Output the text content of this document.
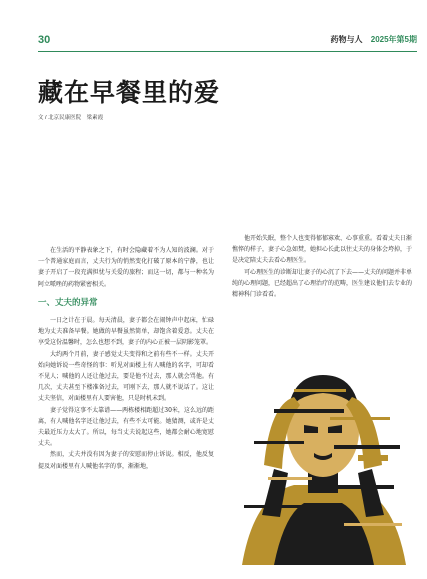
30	药物与人 2025年第5期
藏在早餐里的爱
文 / 北京民康医院　梁素霞

在生活的平静表象之下，有时会隐藏着不为人知的波澜。对于一个普通家庭而言，丈夫行为的悄然变化打破了原本的宁静，也让妻子开启了一段充满担忧与关爱的旅程；而这一切，都与一种名为阿立哌唑的药物紧密相关。

一、丈夫的异常

一日之计在于晨。每天清晨，妻子都会在闹钟声中起床，忙碌地为丈夫准备早餐。她做的早餐虽然简单，却饱含着爱意。丈夫在享受这份温馨时，怎么也想不到，妻子的内心正被一层阴影笼罩。

大约两个月前，妻子感觉丈夫变得和之前有些不一样。丈夫开始向她诉说一些奇怪的事：听见对面楼上有人喊他的名字，可却看不见人；喊他的人还让他过去，要是他不过去，那人就会骂他。有几次，丈夫甚至下楼准备过去，可刚下去，那人就不说话了。这让丈夫坚信，对面楼里有人要害他，只是时机未到。

妻子觉得这事不太靠谱——两栋楼相距超过30米，这么远的距离，有人喊他名字还让他过去，有些不太可能。她猜测，或许是丈夫最近压力太大了。所以，每当丈夫说起这些，她都会耐心地宽慰丈夫。

然而，丈夫并没有因为妻子的安慰而停止诉说。相反，他反复提及对面楼里有人喊他名字的事，渐渐地，

他开始失眠，整个人也变得郁郁寡欢、心事重重。看着丈夫日渐憔悴的样子，妻子心急如焚，她担心长此以往丈夫的身体会垮掉，于是决定陪丈夫去看心理医生。

可心理医生的诊断却让妻子的心沉了下去——丈夫的问题并非单纯的心理问题，已经超出了心理治疗的范畴，医生建议他们去专业的精神科门诊看看。
